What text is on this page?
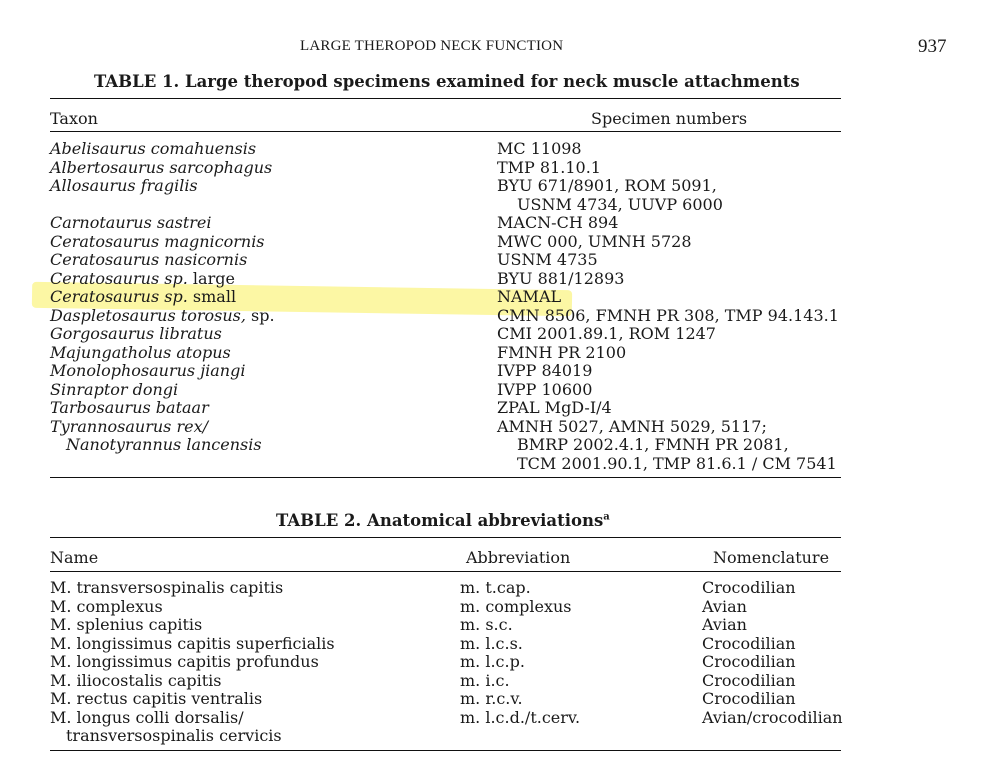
LARGE THEROPOD NECK FUNCTION	937
TABLE 1. Large theropod specimens examined for neck muscle attachments
Taxon	Specimen numbers
Abelisaurus comahuensis	MC 11098
Albertosaurus sarcophagus	TMP 81.10.1
Allosaurus fragilis	BYU 671/8901, ROM 5091,
USNM 4734, UUVP 6000
Carnotaurus sastrei	MACN-CH 894
Ceratosaurus magnicornis	MWC 000, UMNH 5728
Ceratosaurus nasicornis	USNM 4735
Ceratosaurus sp. large	BYU 881/12893
Ceratosaurus sp. small	NAMAL
Daspletosaurus torosus, sp.	CMN 8506, FMNH PR 308, TMP 94.143.1
Gorgosaurus libratus	CMI 2001.89.1, ROM 1247
Majungatholus atopus	FMNH PR 2100
Monolophosaurus jiangi	IVPP 84019
Sinraptor dongi	IVPP 10600
Tarbosaurus bataar	ZPAL MgD-I/4
Tyrannosaurus rex/	AMNH 5027, AMNH 5029, 5117;
Nanotyrannus lancensis	BMRP 2002.4.1, FMNH PR 2081,
TCM 2001.90.1, TMP 81.6.1 / CM 7541
TABLE 2. Anatomical abbreviations$^a$
Name	Abbreviation	Nomenclature
M. transversospinalis capitis	m. t.cap.	Crocodilian
M. complexus	m. complexus	Avian
M. splenius capitis	m. s.c.	Avian
M. longissimus capitis superficialis	m. l.c.s.	Crocodilian
M. longissimus capitis profundus	m. l.c.p.	Crocodilian
M. iliocostalis capitis	m. i.c.	Crocodilian
M. rectus capitis ventralis	m. r.c.v.	Crocodilian
M. longus colli dorsalis/	m. l.c.d./t.cerv.	Avian/crocodilian
transversospinalis cervicis
